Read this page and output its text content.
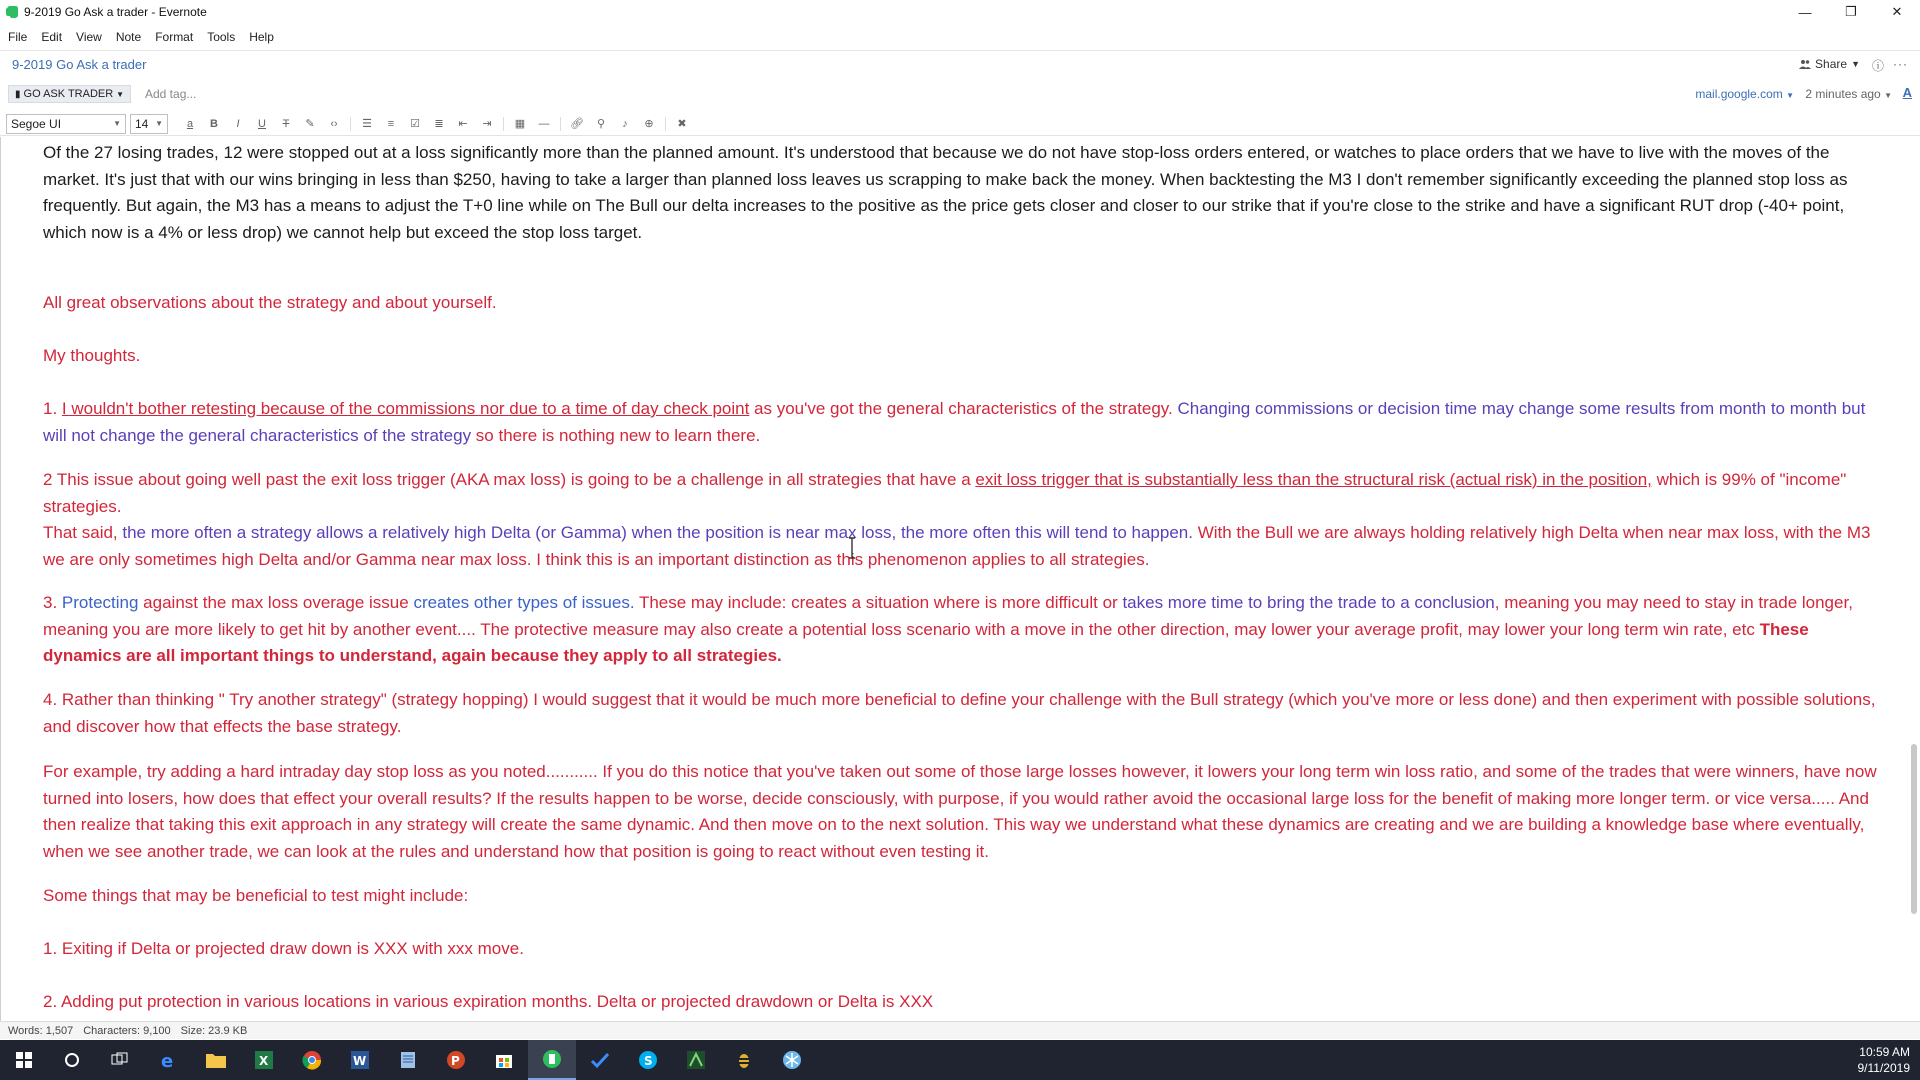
9-2019 Go Ask a trader - Evernote	—	❐	✕
File Edit View Note Format Tools Help
9-2019 Go Ask a trader	Share ▼ ⓘ ···
▮ GO ASK TRADER ▼ Add tag...	mail.google.com ▼ 2 minutes ago ▼ A
Segoe UI	▼ 14 ▼	a	B	I	U	T	✎	‹›	☰	≡	☑	≣	⇤	⇥	▦	—	🔗︎	⚲	♪	⊕	✖
Of the 27 losing trades, 12 were stopped out at a loss significantly more than the planned amount. It's understood that because we do not have stop-loss orders entered, or watches to place orders that we have to live with the moves of the market. It's just that with our wins bringing in less than $250, having to take a larger than planned loss leaves us scrapping to make back the money. When backtesting the M3 I don't remember significantly exceeding the planned stop loss as frequently. But again, the M3 has a means to adjust the T+0 line while on The Bull our delta increases to the positive as the price gets closer and closer to our strike that if you're close to the strike and have a significant RUT drop (-40+ point, which now is a 4% or less drop) we cannot help but exceed the stop loss target.
All great observations about the strategy and about yourself.
My thoughts.
1. I wouldn't bother retesting because of the commissions nor due to a time of day check point as you've got the general characteristics of the strategy. Changing commissions or decision time may change some results from month to month but will not change the general characteristics of the strategy so there is nothing new to learn there.
2 This issue about going well past the exit loss trigger (AKA max loss) is going to be a challenge in all strategies that have a exit loss trigger that is substantially less than the structural risk (actual risk) in the position, which is 99% of "income" strategies.
That said, the more often a strategy allows a relatively high Delta (or Gamma) when the position is near max loss, the more often this will tend to happen. With the Bull we are always holding relatively high Delta when near max loss, with the M3 we are only sometimes high Delta and/or Gamma near max loss. I think this is an important distinction as this phenomenon applies to all strategies.
3. Protecting against the max loss overage issue creates other types of issues. These may include: creates a situation where is more difficult or takes more time to bring the trade to a conclusion, meaning you may need to stay in trade longer, meaning you are more likely to get hit by another event.... The protective measure may also create a potential loss scenario with a move in the other direction, may lower your average profit, may lower your long term win rate, etc These dynamics are all important things to understand, again because they apply to all strategies.
4. Rather than thinking " Try another strategy" (strategy hopping) I would suggest that it would be much more beneficial to define your challenge with the Bull strategy (which you've more or less done) and then experiment with possible solutions, and discover how that effects the base strategy.
For example, try adding a hard intraday day stop loss as you noted........... If you do this notice that you've taken out some of those large losses however, it lowers your long term win loss ratio, and some of the trades that were winners, have now turned into losers, how does that effect your overall results? If the results happen to be worse, decide consciously, with purpose, if you would rather avoid the occasional large loss for the benefit of making more longer term. or vice versa..... And then realize that taking this exit approach in any strategy will create the same dynamic. And then move on to the next solution. This way we understand what these dynamics are creating and we are building a knowledge base where eventually, when we see another trade, we can look at the rules and understand how that position is going to react without even testing it.
Some things that may be beneficial to test might include:
1. Exiting if Delta or projected draw down is XXX with xxx move.
2. Adding put protection in various locations in various expiration months. Delta or projected drawdown or Delta is XXX
Words: 1,507 Characters: 9,100 Size: 23.9 KB
e	X	W	P	S
10:59 AM
9/11/2019
